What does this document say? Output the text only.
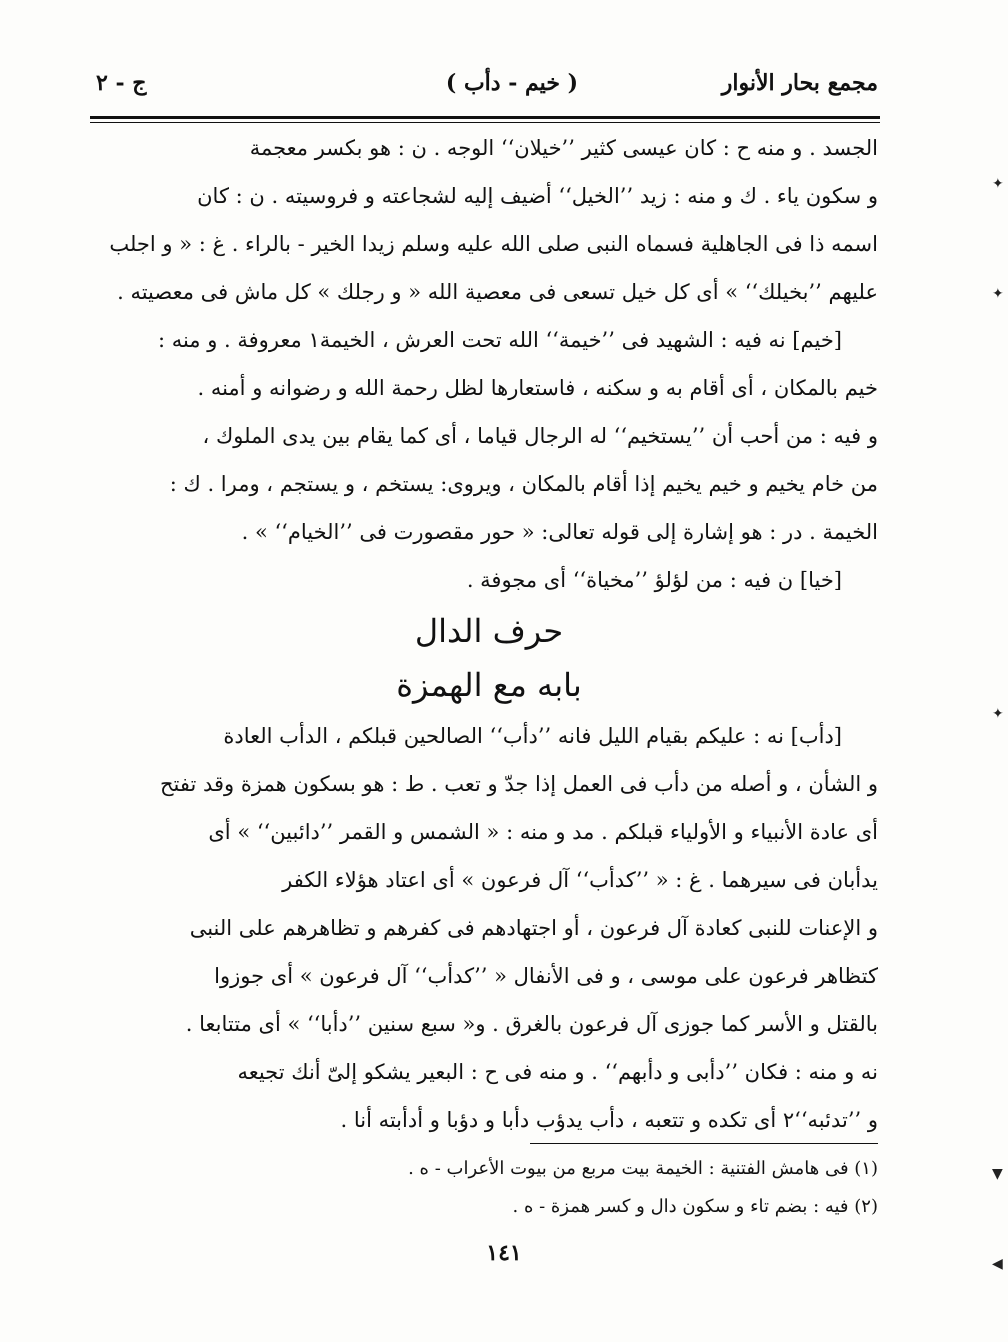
مجمع بحار الأنوار
( خيم - دأب )
ج - ٢

الجسد . و منه ح : كان عيسى كثير ’’خيلان‘‘ الوجه . ن : هو بكسر معجمة

و سكون ياء . ك و منه : زيد ’’الخيل‘‘ أضيف إليه لشجاعته و فروسيته . ن : كان

اسمه ذا فى الجاهلية فسماه النبى صلى الله عليه وسلم زيدا الخير - بالراء . غ : « و اجلب

عليهم ’’بخيلك‘‘ » أى كل خيل تسعى فى معصية الله « و رجلك » كل ماش فى معصيته .

[خيم] نه فيه : الشهيد فى ’’خيمة‘‘ الله تحت العرش ، الخيمة١ معروفة . و منه :

خيم بالمكان ، أى أقام به و سكنه ، فاستعارها لظل رحمة الله و رضوانه و أمنه .

و فيه : من أحب أن ’’يستخيم‘‘ له الرجال قياما ، أى كما يقام بين يدى الملوك ،

من خام يخيم و خيم يخيم إذا أقام بالمكان ، ويروى: يستخم ، و يستجم ، ومرا . ك :

الخيمة . در : هو إشارة إلى قوله تعالى: « حور مقصورت فى ’’الخيام‘‘ » .

[خيا] ن فيه : من لؤلؤ ’’مخياة‘‘ أى مجوفة .

حرف الدال

بابه مع الهمزة

[دأب] نه : عليكم بقيام الليل فانه ’’دأب‘‘ الصالحين قبلكم ، الدأب العادة

و الشأن ، و أصله من دأب فى العمل إذا جدّ و تعب . ط : هو بسكون همزة وقد تفتح

أى عادة الأنبياء و الأولياء قبلكم . مد و منه : « الشمس و القمر ’’دائبين‘‘ » أى

يدأبان فى سيرهما . غ : « ’’كدأب‘‘ آل فرعون » أى اعتاد هؤلاء الكفر

و الإعنات للنبى كعادة آل فرعون ، أو اجتهادهم فى كفرهم و تظاهرهم على النبى

كتظاهر فرعون على موسى ، و فى الأنفال « ’’كدأب‘‘ آل فرعون » أى جوزوا

بالقتل و الأسر كما جوزى آل فرعون بالغرق . و« سبع سنين ’’دأبا‘‘ » أى متتابعا .

نه و منه : فكان ’’دأبى و دأبهم‘‘ . و منه فى ح : البعير يشكو إلىّ أنك تجيعه

و ’’تدئبه‘‘٢ أى تكده و تتعبه ، دأب يدؤب دأبا و دؤبا و أدأبته أنا .

(١) فى هامش الفتنية : الخيمة بيت مربع من بيوت الأعراب - ه .

(٢) فيه : بضم تاء و سكون دال و كسر همزة - ه .

١٤١
✦
✦
✦
▼
◀
